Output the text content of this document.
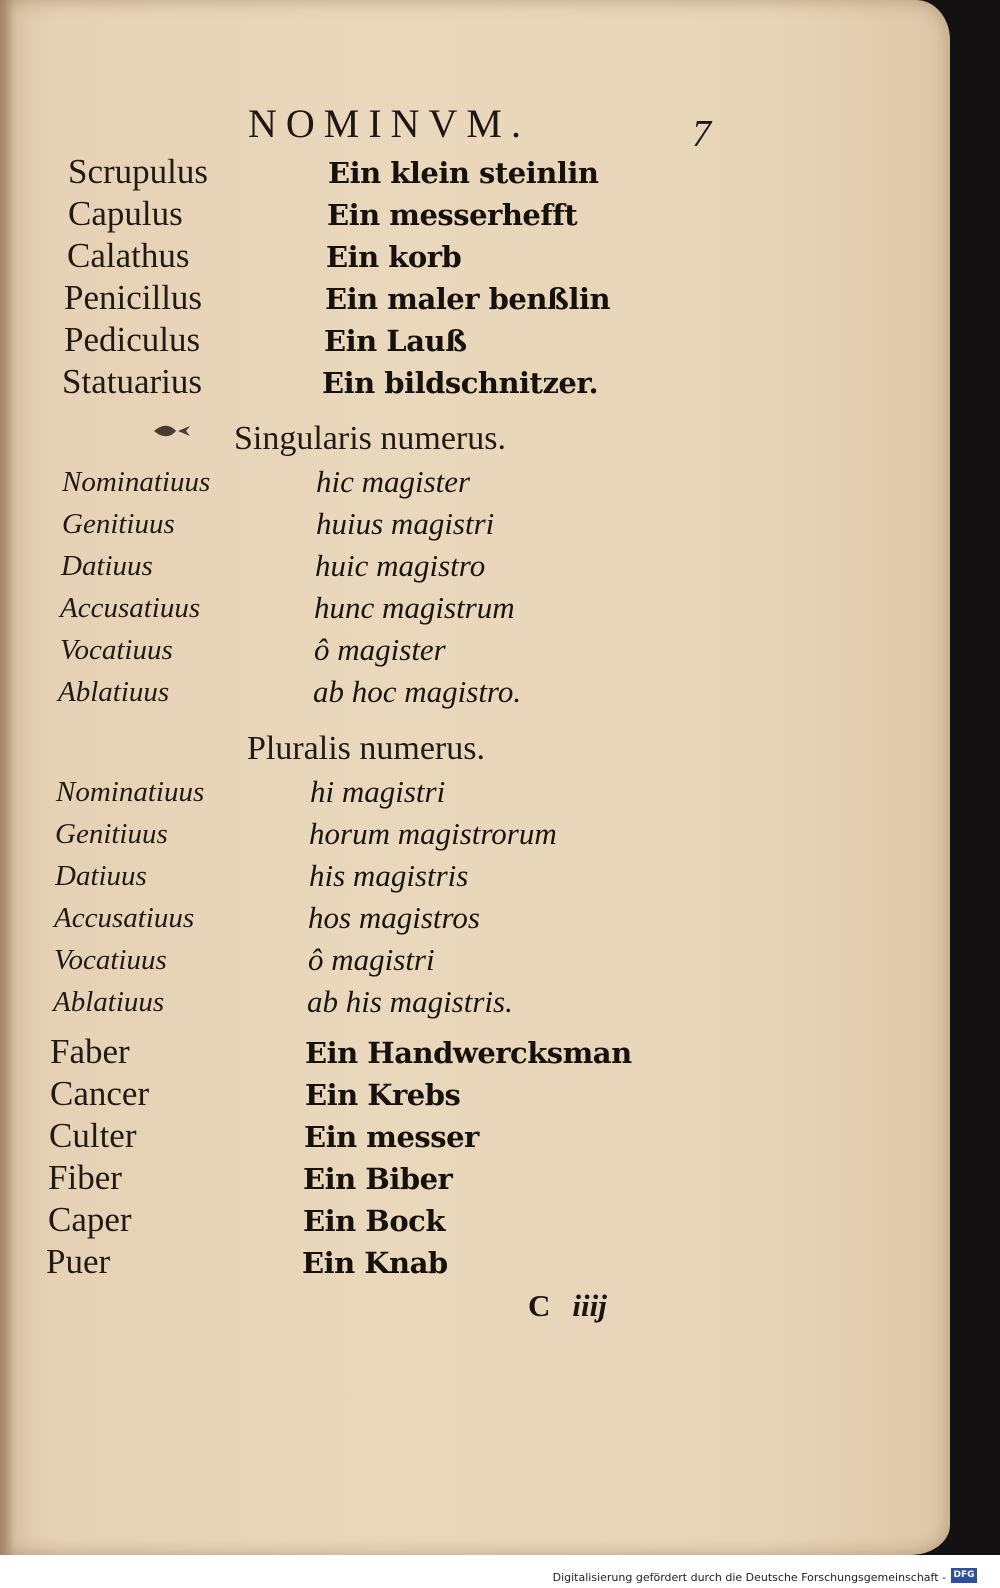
NOMINVM.	7
Scrupulus	Ein klein steinlin
Capulus	Ein messerhefft
Calathus	Ein korb
Penicillus	Ein maler benßlin
Pediculus	Ein Lauß
Statuarius	Ein bildschnitzer.
Singularis numerus.
Nominatiuus	hic magister
Genitiuus	huius magistri
Datiuus	huic magistro
Accusatiuus	hunc magistrum
Vocatiuus	ô magister
Ablatiuus	ab hoc magistro.
Pluralis numerus.
Nominatiuus	hi magistri
Genitiuus	horum magistrorum
Datiuus	his magistris
Accusatiuus	hos magistros
Vocatiuus	ô magistri
Ablatiuus	ab his magistris.
Faber	Ein Handwercksman
Cancer	Ein Krebs
Culter	Ein messer
Fiber	Ein Biber
Caper	Ein Bock
Puer	Ein Knab
C iiij
Digitalisierung gefördert durch die Deutsche Forschungsgemeinschaft - DFG
